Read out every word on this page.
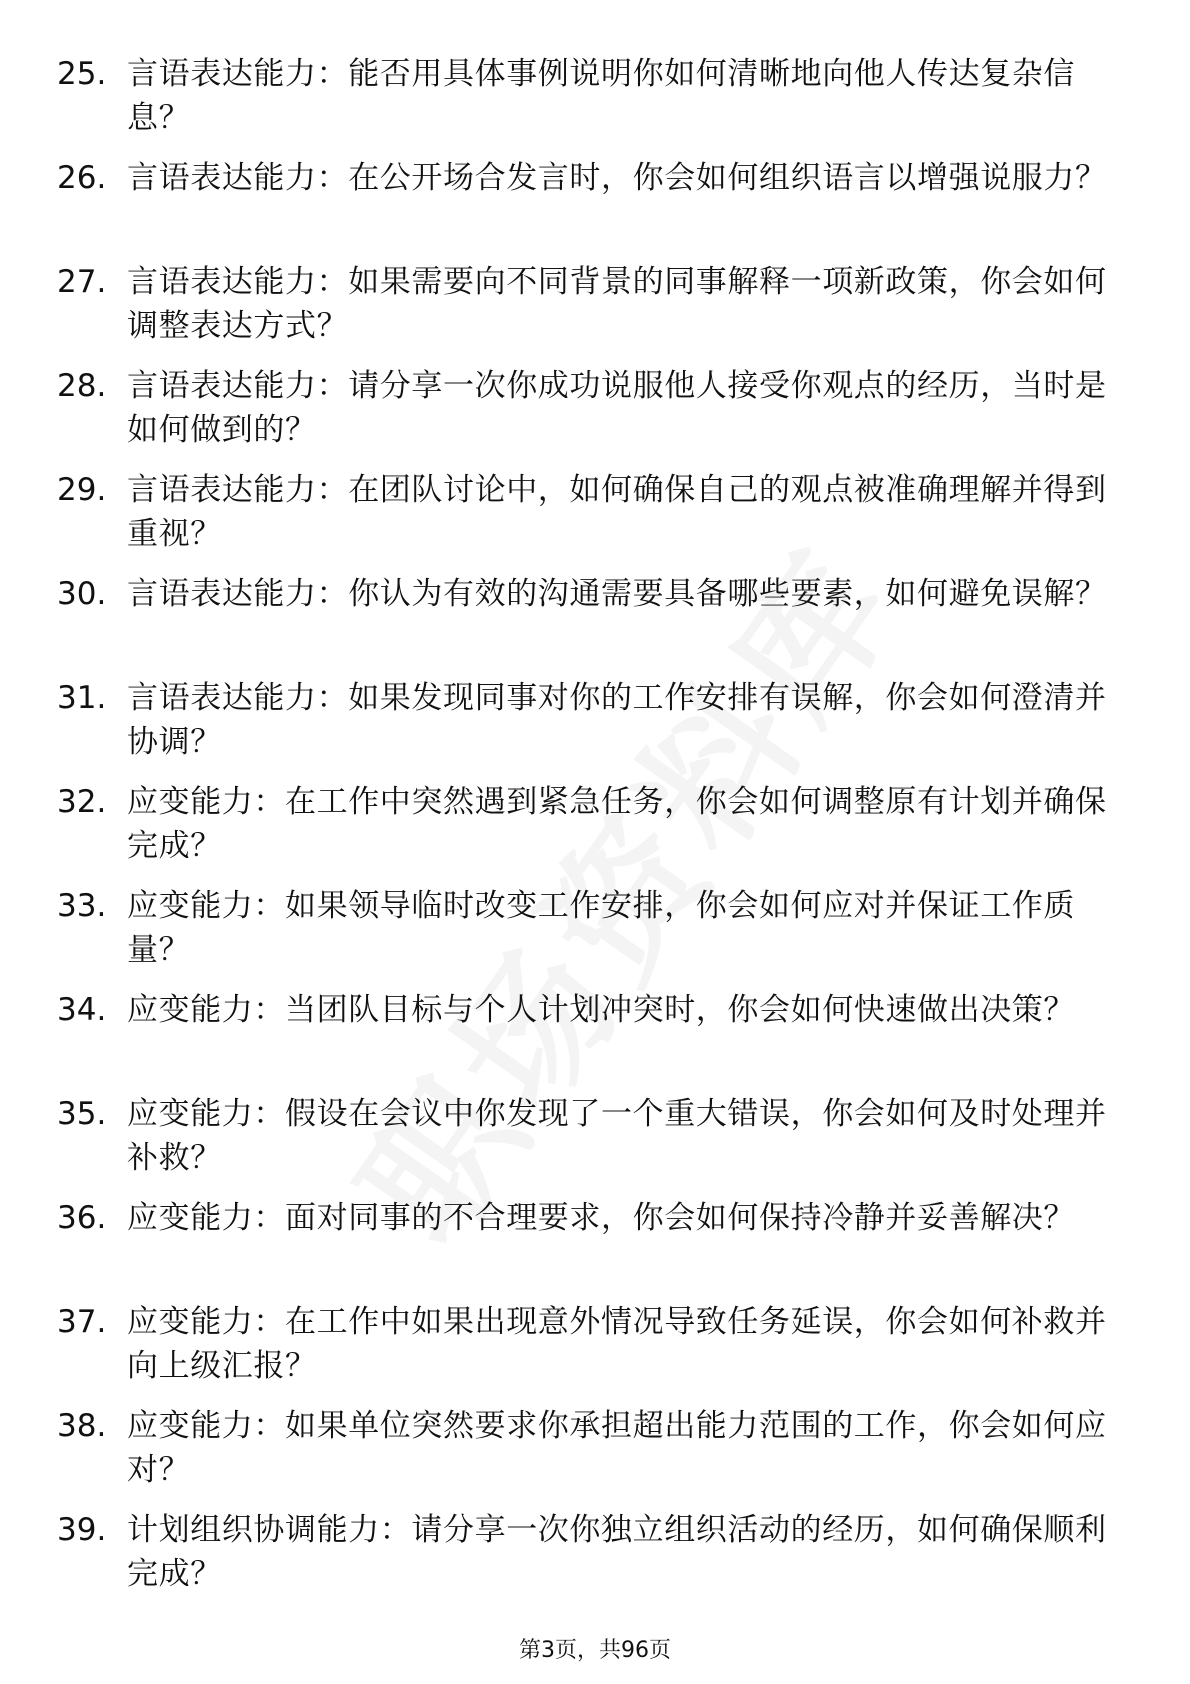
25. 言语表达能力：能否用具体事例说明你如何清晰地向他人传达复杂信息？
26. 言语表达能力：在公开场合发言时，你会如何组织语言以增强说服力？
27. 言语表达能力：如果需要向不同背景的同事解释一项新政策，你会如何调整表达方式？
28. 言语表达能力：请分享一次你成功说服他人接受你观点的经历，当时是如何做到的？
29. 言语表达能力：在团队讨论中，如何确保自己的观点被准确理解并得到重视？
30. 言语表达能力：你认为有效的沟通需要具备哪些要素，如何避免误解？
31. 言语表达能力：如果发现同事对你的工作安排有误解，你会如何澄清并协调？
32. 应变能力：在工作中突然遇到紧急任务，你会如何调整原有计划并确保完成？
33. 应变能力：如果领导临时改变工作安排，你会如何应对并保证工作质量？
34. 应变能力：当团队目标与个人计划冲突时，你会如何快速做出决策？
35. 应变能力：假设在会议中你发现了一个重大错误，你会如何及时处理并补救？
36. 应变能力：面对同事的不合理要求，你会如何保持冷静并妥善解决？
37. 应变能力：在工作中如果出现意外情况导致任务延误，你会如何补救并向上级汇报？
38. 应变能力：如果单位突然要求你承担超出能力范围的工作，你会如何应对？
39. 计划组织协调能力：请分享一次你独立组织活动的经历，如何确保顺利完成？
第3页，共96页
